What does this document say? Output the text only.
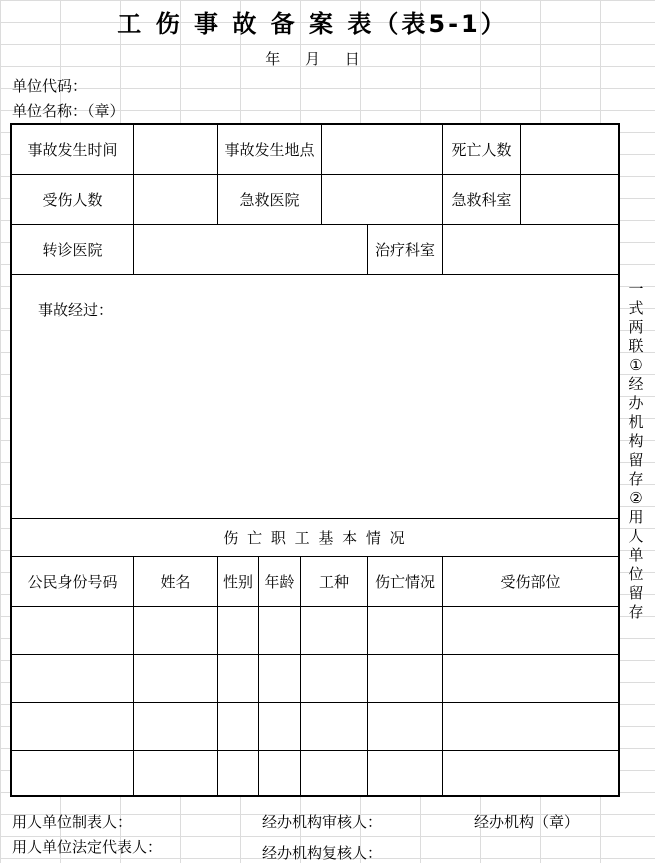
工 伤 事 故 备 案 表（表5-1）
年 月 日
单位代码：
单位名称：（章）
事故发生时间	事故发生地点	死亡人数
受伤人数	急救医院	急救科室
转诊医院	治疗科室
事故经过：
伤 亡 职 工 基 本 情 况
公民身份号码	姓名	性别 年龄	工种	伤亡情况	受伤部位
一式两联 ①经办机构留存②用人单位留存
用人单位制表人：	经办机构审核人：	经办机构（章）
用人单位法定代表人：	经办机构复核人：
